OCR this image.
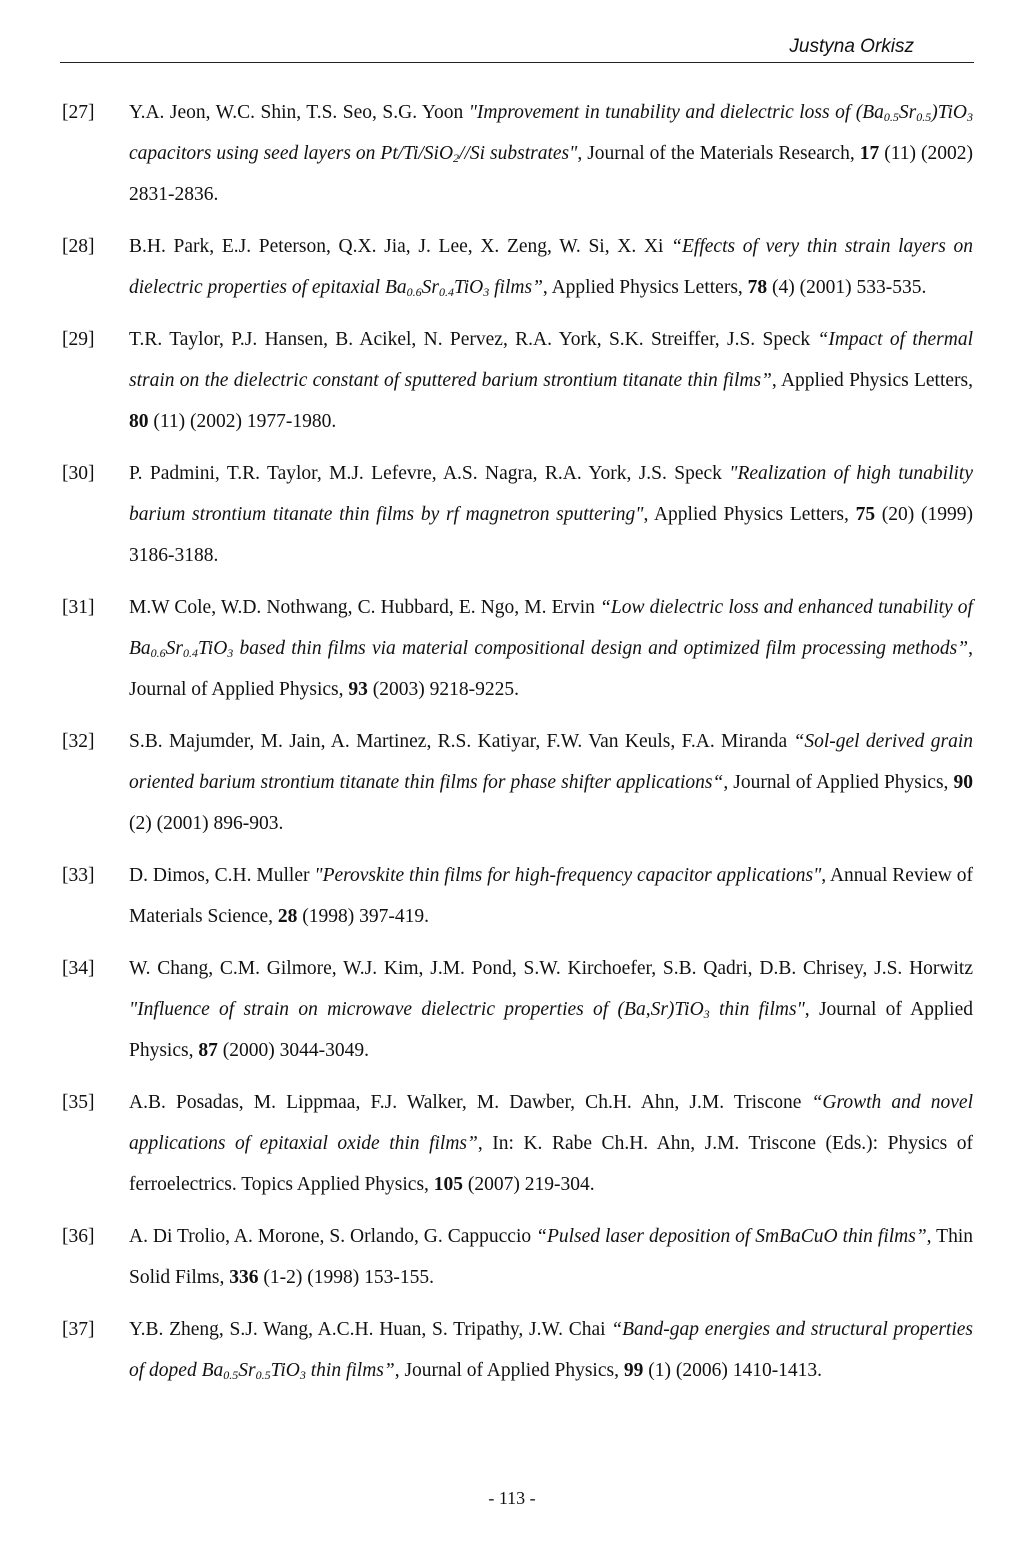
Justyna Orkisz
[27] Y.A. Jeon, W.C. Shin, T.S. Seo, S.G. Yoon "Improvement in tunability and dielectric loss of $(Ba_{0.5}Sr_{0.5})TiO_3$ capacitors using seed layers on Pt/Ti/SiO$_2$//Si substrates", Journal of the Materials Research, 17 (11) (2002) 2831-2836.
[28] B.H. Park, E.J. Peterson, Q.X. Jia, J. Lee, X. Zeng, W. Si, X. Xi “Effects of very thin strain layers on dielectric properties of epitaxial $Ba_{0.6}Sr_{0.4}TiO_3$ films”, Applied Physics Letters, 78 (4) (2001) 533-535.
[29] T.R. Taylor, P.J. Hansen, B. Acikel, N. Pervez, R.A. York, S.K. Streiffer, J.S. Speck “Impact of thermal strain on the dielectric constant of sputtered barium strontium titanate thin films”, Applied Physics Letters, 80 (11) (2002) 1977-1980.
[30] P. Padmini, T.R. Taylor, M.J. Lefevre, A.S. Nagra, R.A. York, J.S. Speck "Realization of high tunability barium strontium titanate thin films by rf magnetron sputtering", Applied Physics Letters, 75 (20) (1999) 3186-3188.
[31] M.W Cole, W.D. Nothwang, C. Hubbard, E. Ngo, M. Ervin “Low dielectric loss and enhanced tunability of $Ba_{0.6}Sr_{0.4}TiO_3$ based thin films via material compositional design and optimized film processing methods”, Journal of Applied Physics, 93 (2003) 9218-9225.
[32] S.B. Majumder, M. Jain, A. Martinez, R.S. Katiyar, F.W. Van Keuls, F.A. Miranda “Sol-gel derived grain oriented barium strontium titanate thin films for phase shifter applications“, Journal of Applied Physics, 90 (2) (2001) 896-903.
[33] D. Dimos, C.H. Muller "Perovskite thin films for high-frequency capacitor applications", Annual Review of Materials Science, 28 (1998) 397-419.
[34] W. Chang, C.M. Gilmore, W.J. Kim, J.M. Pond, S.W. Kirchoefer, S.B. Qadri, D.B. Chrisey, J.S. Horwitz "Influence of strain on microwave dielectric properties of (Ba,Sr)TiO$_3$ thin films", Journal of Applied Physics, 87 (2000) 3044-3049.
[35] A.B. Posadas, M. Lippmaa, F.J. Walker, M. Dawber, Ch.H. Ahn, J.M. Triscone “Growth and novel applications of epitaxial oxide thin films”, In: K. Rabe Ch.H. Ahn, J.M. Triscone (Eds.): Physics of ferroelectrics. Topics Applied Physics, 105 (2007) 219-304.
[36] A. Di Trolio, A. Morone, S. Orlando, G. Cappuccio “Pulsed laser deposition of SmBaCuO thin films”, Thin Solid Films, 336 (1-2) (1998) 153-155.
[37] Y.B. Zheng, S.J. Wang, A.C.H. Huan, S. Tripathy, J.W. Chai “Band-gap energies and structural properties of doped $Ba_{0.5}Sr_{0.5}TiO_3$ thin films”, Journal of Applied Physics, 99 (1) (2006) 1410-1413.
- 113 -
